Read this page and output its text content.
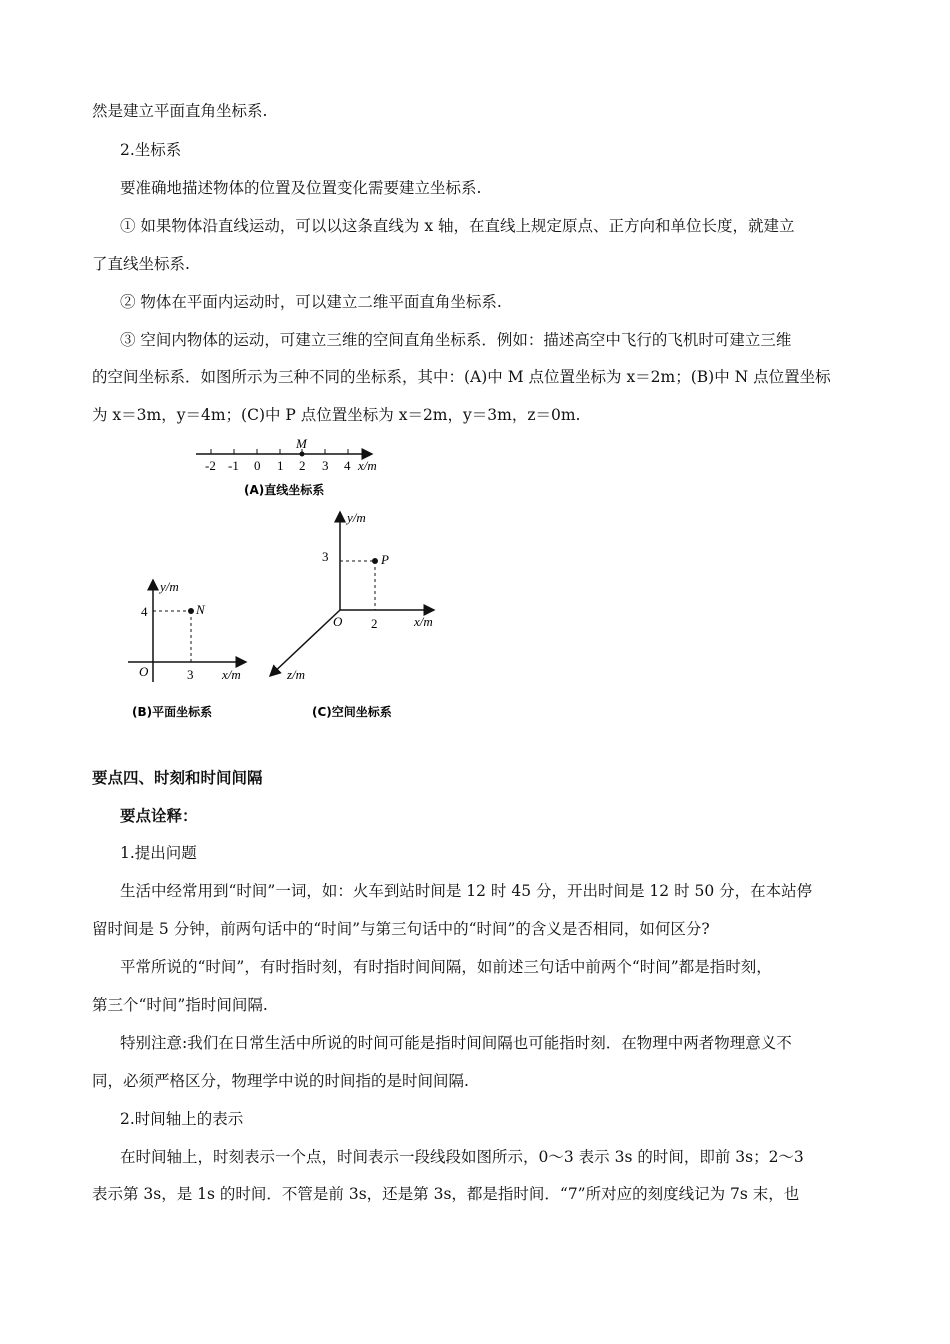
然是建立平面直角坐标系.
2.坐标系
要准确地描述物体的位置及位置变化需要建立坐标系.
① 如果物体沿直线运动，可以以这条直线为 x 轴，在直线上规定原点、正方向和单位长度，就建立
了直线坐标系.
② 物体在平面内运动时，可以建立二维平面直角坐标系.
③ 空间内物体的运动，可建立三维的空间直角坐标系．例如：描述高空中飞行的飞机时可建立三维
的空间坐标系．如图所示为三种不同的坐标系，其中：(A)中 M 点位置坐标为 x＝2m；(B)中 N 点位置坐标
为 x＝3m，y＝4m；(C)中 P 点位置坐标为 x＝2m，y＝3m，z＝0m.
M
-2 -1 0 1 2 3 4 x/m
(A)直线坐标系
N
y/m
4
O	3 x/m
(B)平面坐标系
P
y/m
3
O 2	x/m
z/m
(C)空间坐标系
要点四、时刻和时间间隔
要点诠释：
1.提出问题
生活中经常用到“时间”一词，如：火车到站时间是 12 时 45 分，开出时间是 12 时 50 分，在本站停
留时间是 5 分钟，前两句话中的“时间”与第三句话中的“时间”的含义是否相同，如何区分?
平常所说的“时间”，有时指时刻，有时指时间间隔，如前述三句话中前两个“时间”都是指时刻，
第三个“时间”指时间间隔.
特别注意:我们在日常生活中所说的时间可能是指时间间隔也可能指时刻．在物理中两者物理意义不
同，必须严格区分，物理学中说的时间指的是时间间隔.
2.时间轴上的表示
在时间轴上，时刻表示一个点，时间表示一段线段如图所示，0～3 表示 3s 的时间，即前 3s；2～3
表示第 3s，是 1s 的时间．不管是前 3s，还是第 3s，都是指时间．“7”所对应的刻度线记为 7s 末，也
